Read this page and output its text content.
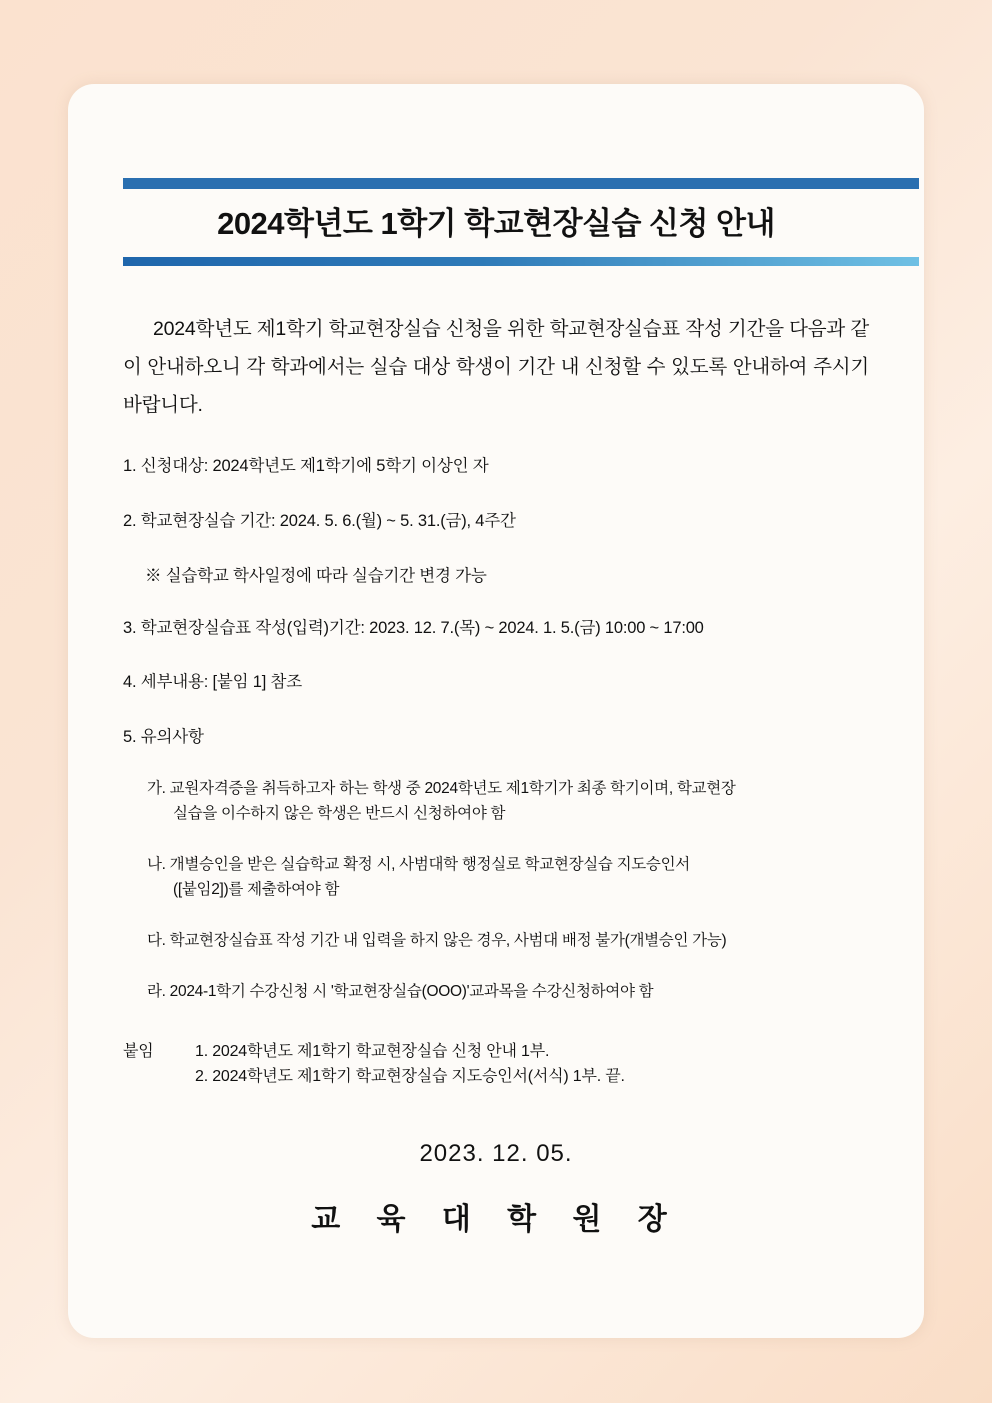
2024학년도 1학기 학교현장실습 신청 안내

2024학년도 제1학기 학교현장실습 신청을 위한 학교현장실습표 작성 기간을 다음과 같이 안내하오니 각 학과에서는 실습 대상 학생이 기간 내 신청할 수 있도록 안내하여 주시기 바랍니다.

1. 신청대상: 2024학년도 제1학기에 5학기 이상인 자
2. 학교현장실습 기간: 2024. 5. 6.(월) ~ 5. 31.(금), 4주간
※ 실습학교 학사일정에 따라 실습기간 변경 가능
3. 학교현장실습표 작성(입력)기간: 2023. 12. 7.(목) ~ 2024. 1. 5.(금) 10:00 ~ 17:00
4. 세부내용: [붙임 1] 참조
5. 유의사항
가. 교원자격증을 취득하고자 하는 학생 중 2024학년도 제1학기가 최종 학기이며, 학교현장
실습을 이수하지 않은 학생은 반드시 신청하여야 함
나. 개별승인을 받은 실습학교 확정 시, 사범대학 행정실로 학교현장실습 지도승인서
([붙임2])를 제출하여야 함
다. 학교현장실습표 작성 기간 내 입력을 하지 않은 경우, 사범대 배정 불가(개별승인 가능)
라. 2024-1학기 수강신청 시 '학교현장실습(OOO)'교과목을 수강신청하여야 함
붙임	1. 2024학년도 제1학기 학교현장실습 신청 안내 1부.
2. 2024학년도 제1학기 학교현장실습 지도승인서(서식) 1부. 끝.
2023. 12. 05.
교 육 대 학 원 장
